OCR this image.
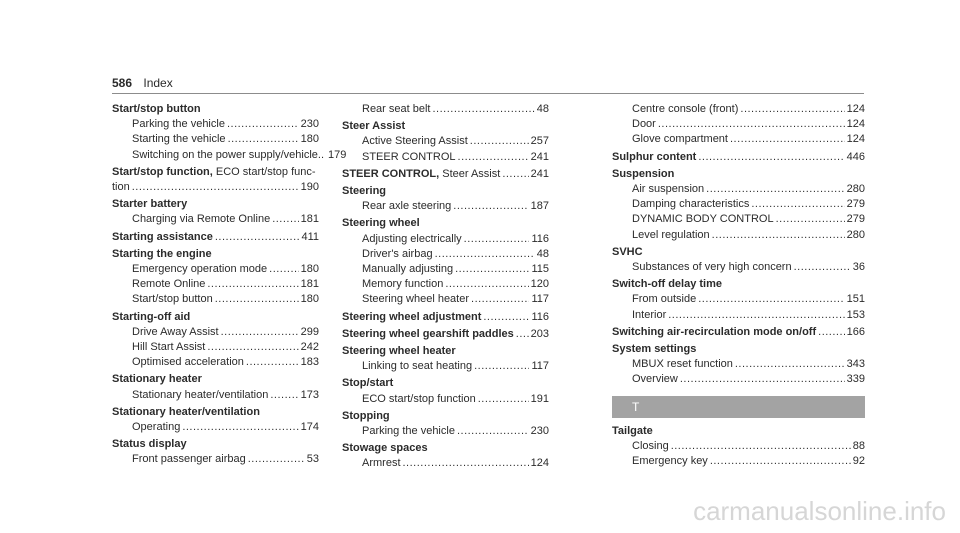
586 Index
Start/stop button
Parking the vehicle .....	230
Starting the vehicle .....	180
Switching on the power supply/vehicle.. 179
Start/stop function, ECO start/stop func-
tion .....	190
Starter battery
Charging via Remote Online .....	181
Starting assistance .....	411
Starting the engine
Emergency operation mode .....	180
Remote Online .....	181
Start/stop button .....	180
Starting-off aid
Drive Away Assist .....	299
Hill Start Assist .....	242
Optimised acceleration .....	183
Stationary heater
Stationary heater/ventilation .....	173
Stationary heater/ventilation
Operating .....	174
Status display
Front passenger airbag .....	53
Rear seat belt .....	48
Steer Assist
Active Steering Assist .....	257
STEER CONTROL .....	241
STEER CONTROL, Steer Assist .....	241
Steering
Rear axle steering .....	187
Steering wheel
Adjusting electrically .....	116
Driver's airbag .....	48
Manually adjusting .....	115
Memory function .....	120
Steering wheel heater .....	117
Steering wheel adjustment .....	116
Steering wheel gearshift paddles ..... 203
Steering wheel heater
Linking to seat heating .....	117
Stop/start
ECO start/stop function .....	191
Stopping
Parking the vehicle .....	230
Stowage spaces
Armrest .....	124
Centre console (front) .....	124
Door .....	124
Glove compartment .....	124
Sulphur content .....	446
Suspension
Air suspension .....	280
Damping characteristics .....	279
DYNAMIC BODY CONTROL .....	279
Level regulation .....	280
SVHC
Substances of very high concern .....	36
Switch-off delay time
From outside .....	151
Interior .....	153
Switching air-recirculation mode on/off .....	166
System settings
MBUX reset function .....	343
Overview .....	339
T
Tailgate
Closing .....	88
Emergency key .....	92
carmanualsonline.info
